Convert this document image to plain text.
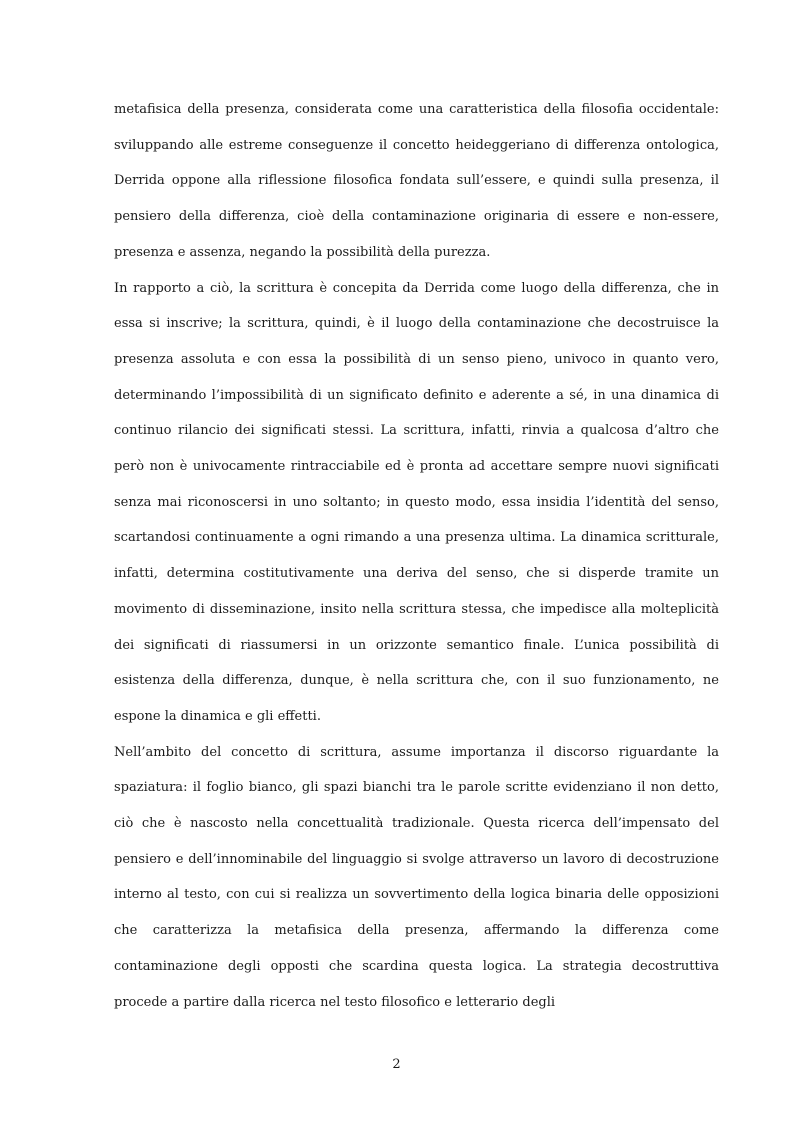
metafisica della presenza, considerata come una caratteristica della filosofia occidentale: sviluppando alle estreme conseguenze il concetto heideggeriano di differenza ontologica, Derrida oppone alla riflessione filosofica fondata sull’essere, e quindi sulla presenza, il pensiero della differenza, cioè della contaminazione originaria di essere e non-essere, presenza e assenza, negando la possibilità della purezza.

In rapporto a ciò, la scrittura è concepita da Derrida come luogo della differenza, che in essa si inscrive; la scrittura, quindi, è il luogo della contaminazione che decostruisce la presenza assoluta e con essa la possibilità di un senso pieno, univoco in quanto vero, determinando l’impossibilità di un significato definito e aderente a sé, in una dinamica di continuo rilancio dei significati stessi. La scrittura, infatti, rinvia a qualcosa d’altro che però non è univocamente rintracciabile ed è pronta ad accettare sempre nuovi significati senza mai riconoscersi in uno soltanto; in questo modo, essa insidia l’identità del senso, scartandosi continuamente a ogni rimando a una presenza ultima. La dinamica scritturale, infatti, determina costitutivamente una deriva del senso, che si disperde tramite un movimento di disseminazione, insito nella scrittura stessa, che impedisce alla molteplicità dei significati di riassumersi in un orizzonte semantico finale. L’unica possibilità di esistenza della differenza, dunque, è nella scrittura che, con il suo funzionamento, ne espone la dinamica e gli effetti.

Nell’ambito del concetto di scrittura, assume importanza il discorso riguardante la spaziatura: il foglio bianco, gli spazi bianchi tra le parole scritte evidenziano il non detto, ciò che è nascosto nella concettualità tradizionale. Questa ricerca dell’impensato del pensiero e dell’innominabile del linguaggio si svolge attraverso un lavoro di decostruzione interno al testo, con cui si realizza un sovvertimento della logica binaria delle opposizioni che caratterizza la metafisica della presenza, affermando la differenza come contaminazione degli opposti che scardina questa logica. La strategia decostruttiva procede a partire dalla ricerca nel testo filosofico e letterario degli

2
